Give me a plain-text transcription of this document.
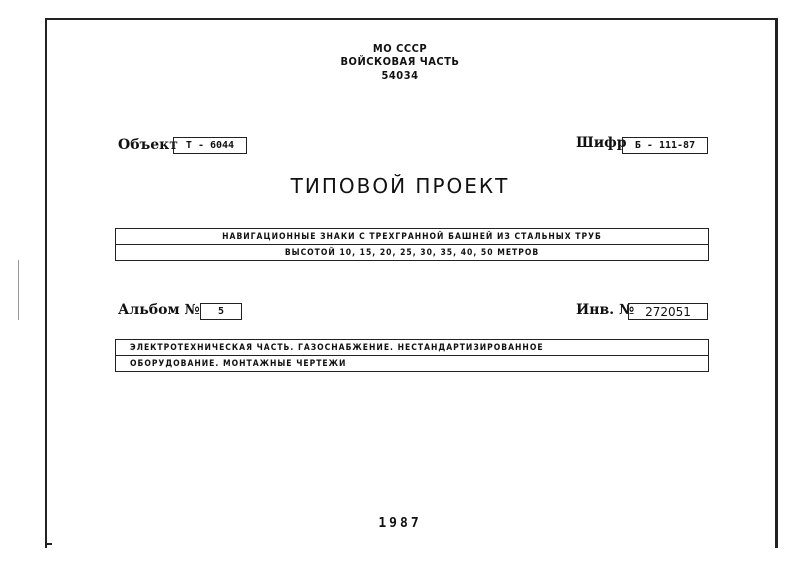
МО СССР
ВОЙСКОВАЯ ЧАСТЬ
54034
Объект Т - 6044	Шифр Б - 111-87
ТИПОВОЙ ПРОЕКТ
НАВИГАЦИОННЫЕ ЗНАКИ С ТРЕХГРАННОЙ БАШНЕЙ ИЗ СТАЛЬНЫХ ТРУБ
ВЫСОТОЙ 10, 15, 20, 25, 30, 35, 40, 50 МЕТРОВ
Альбом №	5	Инв. № 272051
ЭЛЕКТРОТЕХНИЧЕСКАЯ ЧАСТЬ. ГАЗОСНАБЖЕНИЕ. НЕСТАНДАРТИЗИРОВАННОЕ
ОБОРУДОВАНИЕ. МОНТАЖНЫЕ ЧЕРТЕЖИ
1987
